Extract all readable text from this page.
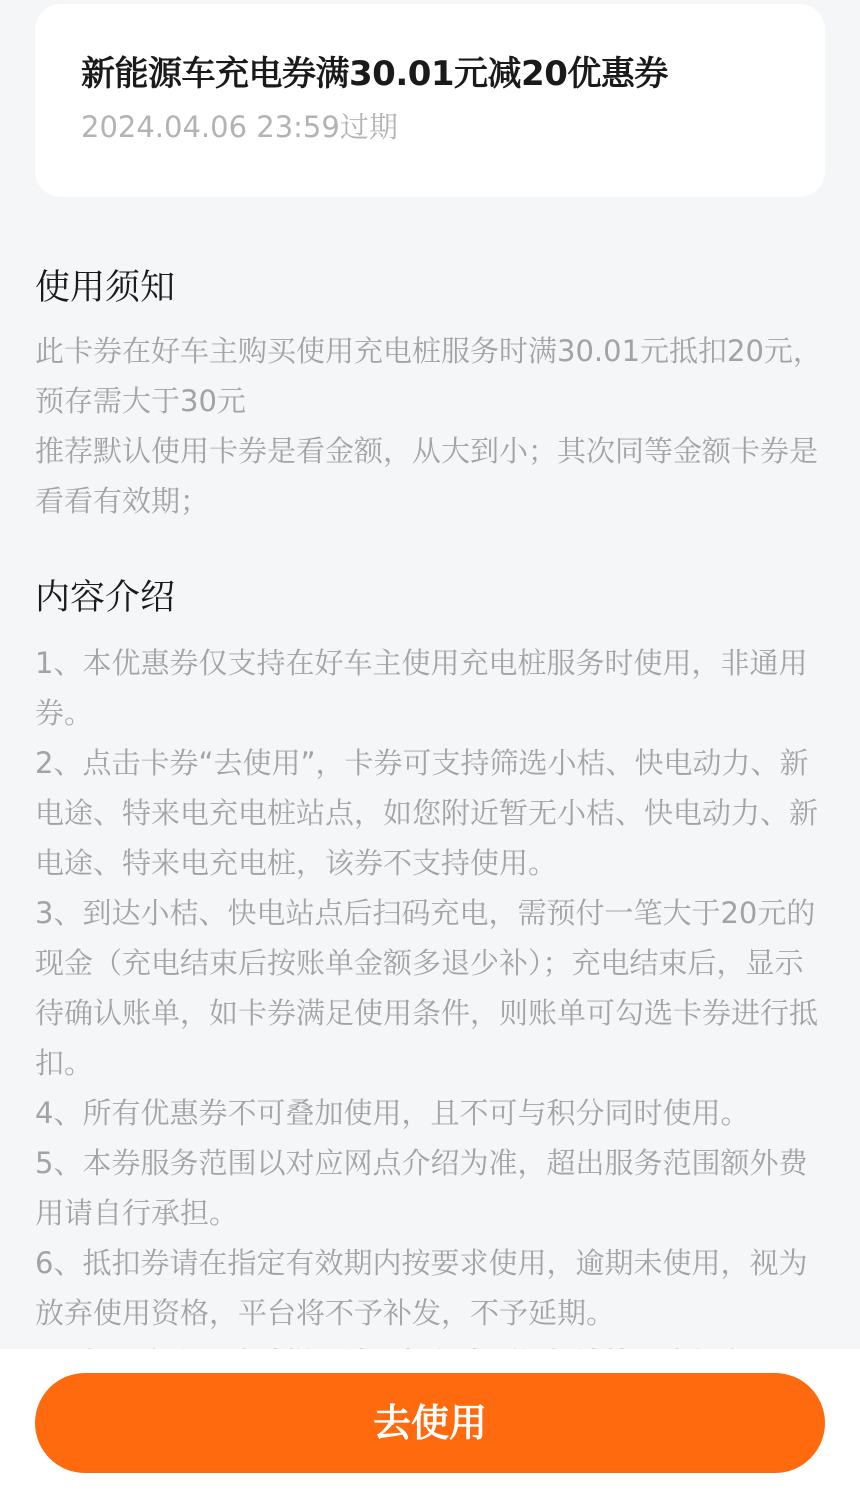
新能源车充电券满30.01元减20优惠券
2024.04.06 23:59过期
使用须知

此卡券在好车主购买使用充电桩服务时满30.01元抵扣20元，预存需大于30元

推荐默认使用卡券是看金额，从大到小；其次同等金额卡券是看看有效期；

内容介绍

1、本优惠券仅支持在好车主使用充电桩服务时使用，非通用券。

2、点击卡券“去使用”，卡券可支持筛选小桔、快电动力、新电途、特来电充电桩站点，如您附近暂无小桔、快电动力、新电途、特来电充电桩，该券不支持使用。

3、到达小桔、快电站点后扫码充电，需预付一笔大于20元的现金（充电结束后按账单金额多退少补）；充电结束后，显示待确认账单，如卡券满足使用条件，则账单可勾选卡券进行抵扣。

4、所有优惠券不可叠加使用，且不可与积分同时使用。

5、本券服务范围以对应网点介绍为准，超出服务范围额外费用请自行承担。

6、抵扣券请在指定有效期内按要求使用，逾期未使用，视为放弃使用资格，平台将不予补发，不予延期。

去使用
